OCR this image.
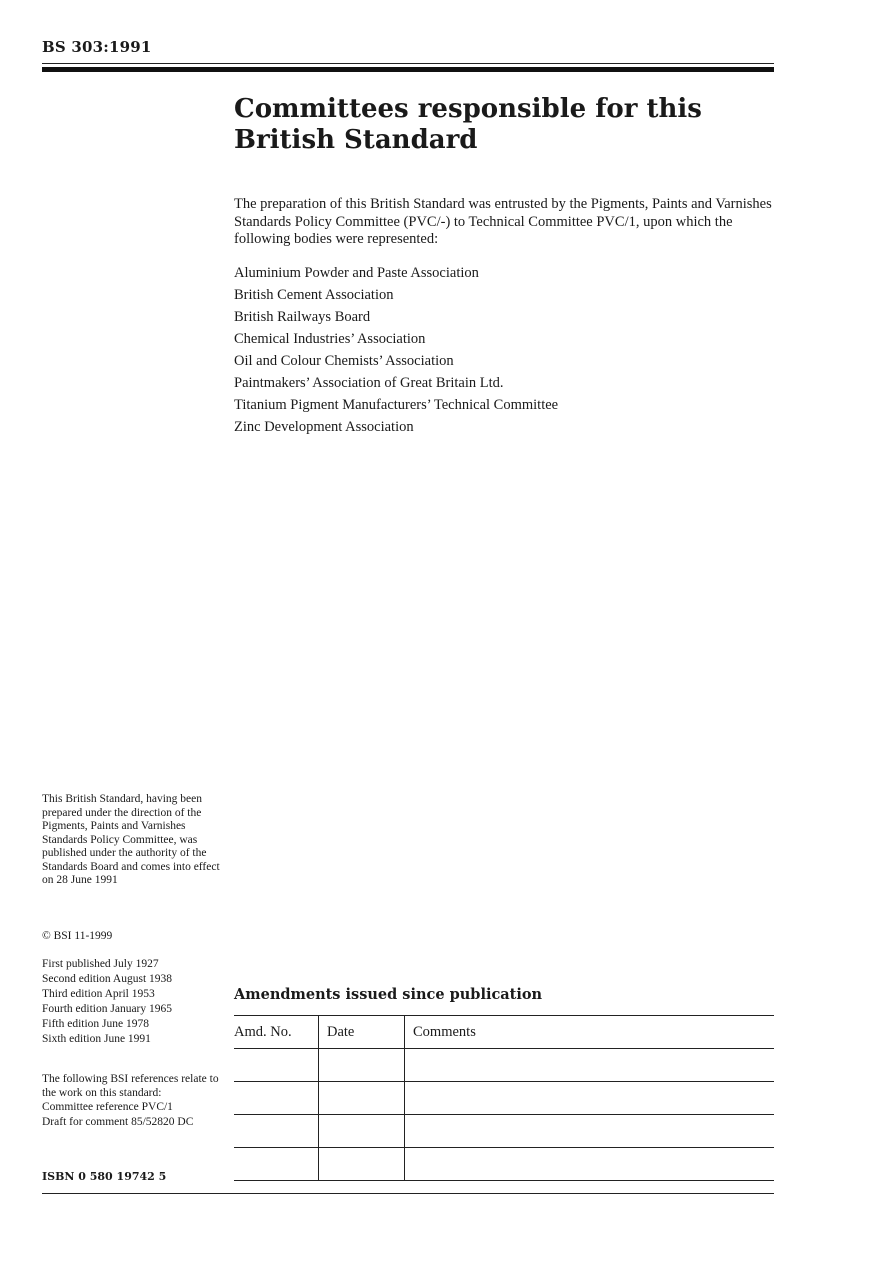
BS 303:1991
Committees responsible for this
British Standard

The preparation of this British Standard was entrusted by the Pigments, Paints and Varnishes Standards Policy Committee (PVC/-) to Technical Committee PVC/1, upon which the following bodies were represented:

Aluminium Powder and Paste Association
British Cement Association
British Railways Board
Chemical Industries’ Association
Oil and Colour Chemists’ Association
Paintmakers’ Association of Great Britain Ltd.
Titanium Pigment Manufacturers’ Technical Committee
Zinc Development Association

This British Standard, having been prepared under the direction of the Pigments, Paints and Varnishes Standards Policy Committee, was published under the authority of the Standards Board and comes into effect on 28 June 1991

© BSI 11-1999

First published July 1927
Second edition August 1938
Third edition April 1953
Fourth edition January 1965
Fifth edition June 1978
Sixth edition June 1991

The following BSI references relate to the work on this standard:

Committee reference PVC/1
Draft for comment 85/52820 DC
ISBN 0 580 19742 5
Amendments issued since publication
Amd. No.	Date	Comments
